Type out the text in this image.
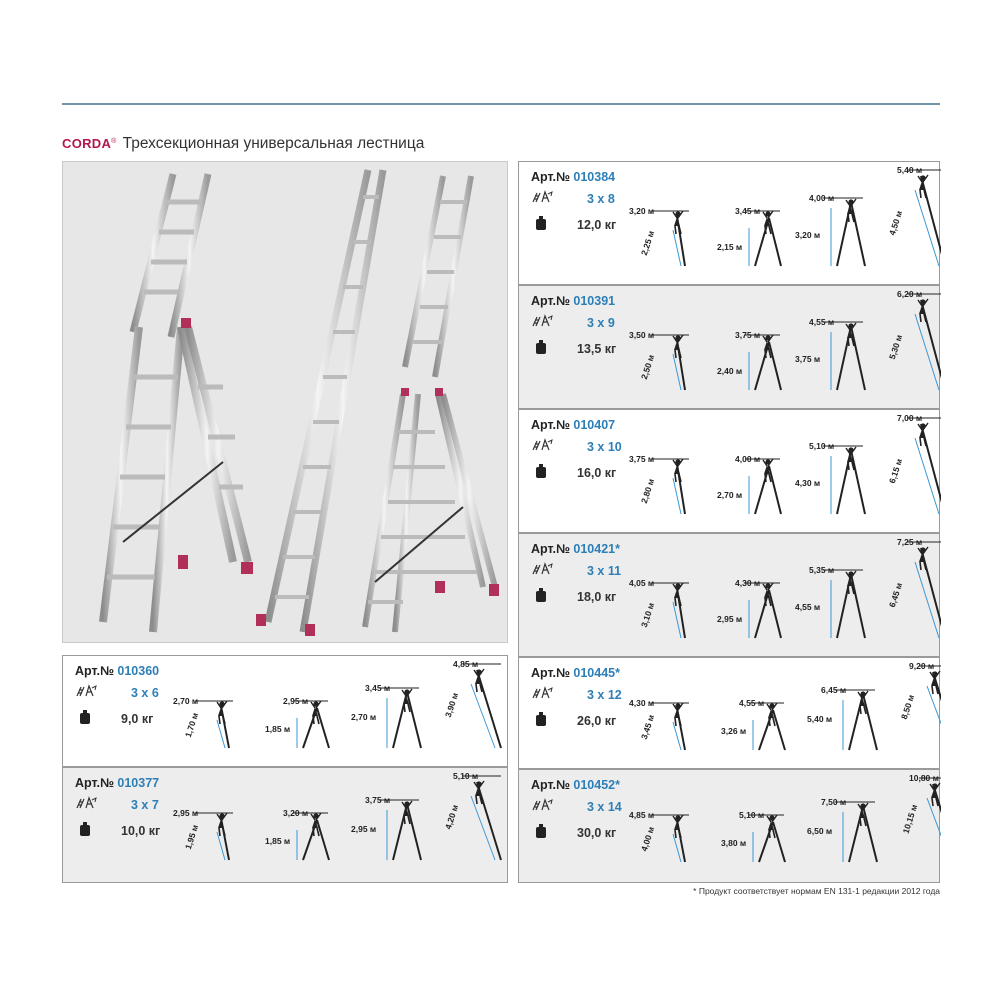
CORDA® Трехсекционная универсальная лестница
Арт.№ 010360
3 x 6
9,0 кг
2,70 м
1,70 м
2,95 м
1,85 м
3,45 м
2,70 м
4,85 м
3,90 м
Арт.№ 010377
3 x 7
10,0 кг
2,95 м
1,95 м
3,20 м
1,85 м
3,75 м
2,95 м
5,10 м
4,20 м
Арт.№ 010384
3 x 8
12,0 кг
3,20 м
2,25 м
3,45 м
2,15 м
4,00 м
3,20 м
5,40 м
4,50 м
Арт.№ 010391
3 x 9
13,5 кг
3,50 м
2,50 м
3,75 м
2,40 м
4,55 м
3,75 м
6,20 м
5,30 м
Арт.№ 010407
3 x 10
16,0 кг
3,75 м
2,80 м
4,00 м
2,70 м
5,10 м
4,30 м
7,00 м
6,15 м
Арт.№ 010421*
3 x 11
18,0 кг
4,05 м
3,10 м
4,30 м
2,95 м
5,35 м
4,55 м
7,25 м
6,45 м
Арт.№ 010445*
3 x 12
26,0 кг
4,30 м
3,45 м
4,55 м
3,26 м
6,45 м
5,40 м
9,20 м
8,50 м
Арт.№ 010452*
3 x 14
30,0 кг
4,85 м
4,00 м
5,10 м
3,80 м
7,50 м
6,50 м
10,80 м
10,15 м
* Продукт соответствует нормам EN 131-1 редакции 2012 года
